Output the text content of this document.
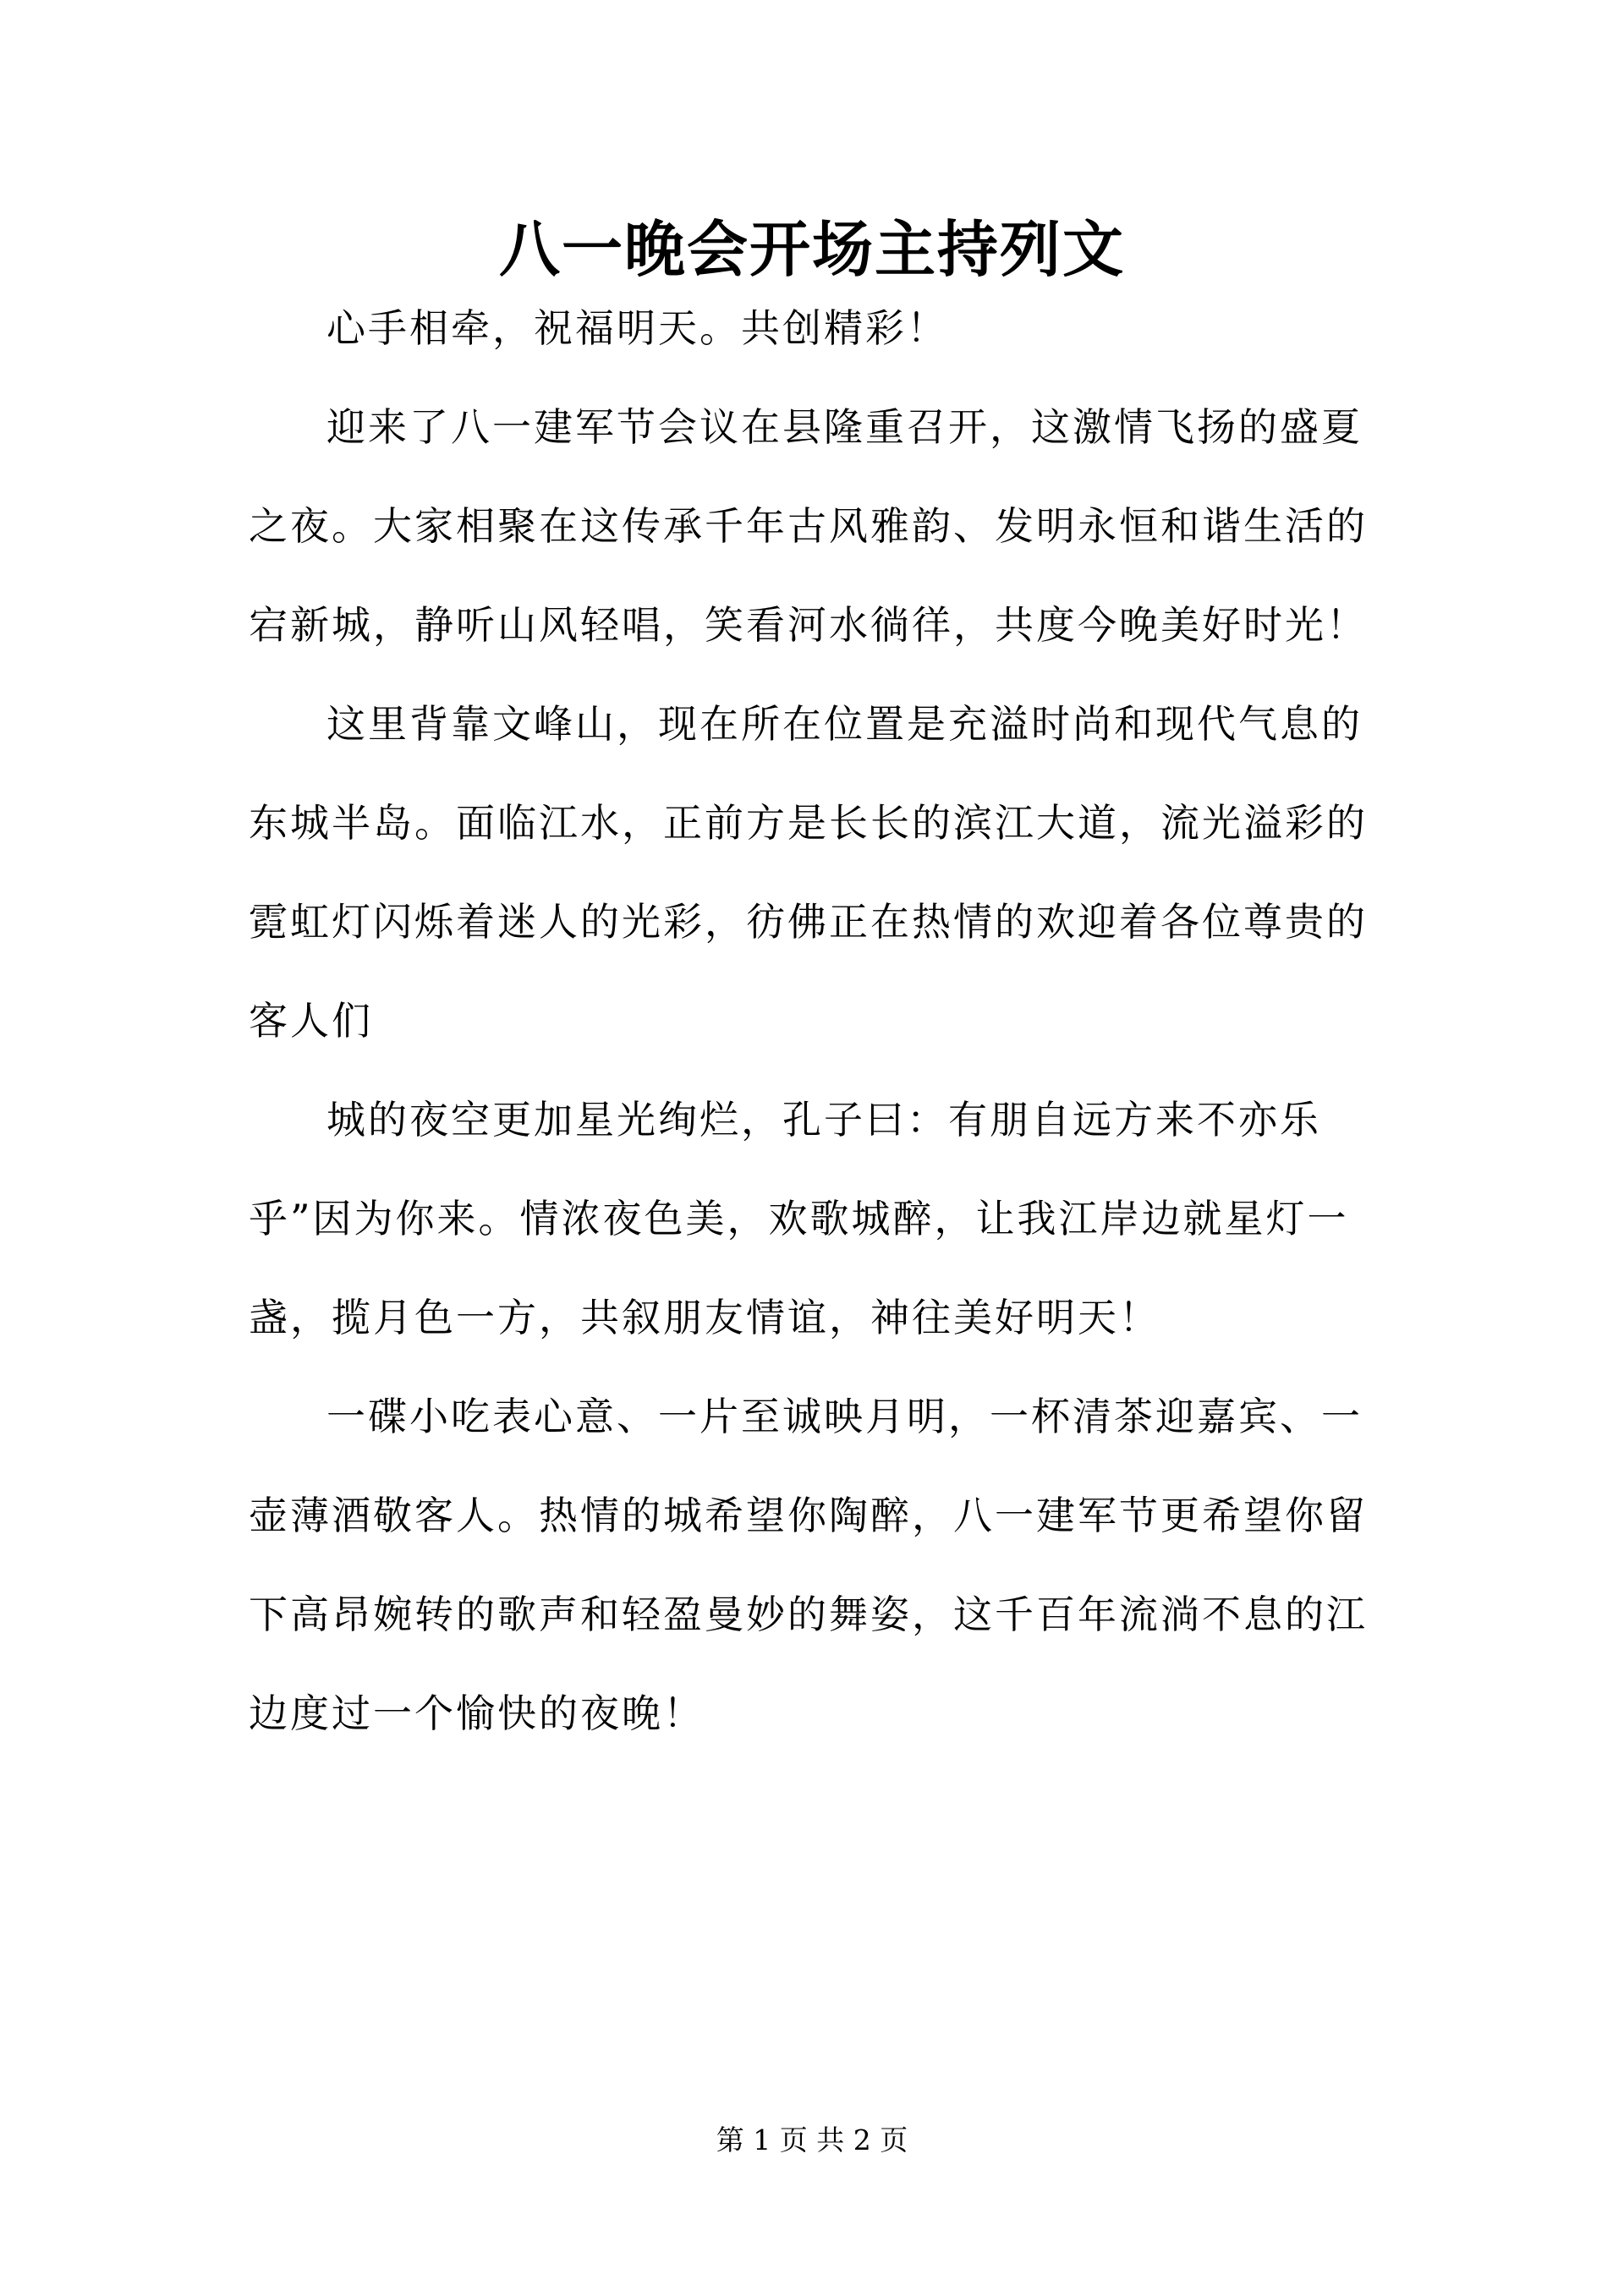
八一晚会开场主持列文

心手相牵，祝福明天。共创精彩！

迎来了八一建军节会议在县隆重召开，这激情飞扬的盛夏之夜。大家相聚在这传承千年古风雅韵、发明永恒和谐生活的宕新城，静听山风轻唱，笑看河水徜徉，共度今晚美好时光！

这里背靠文峰山，现在所在位置是充溢时尚和现代气息的东城半岛。面临江水，正前方是长长的滨江大道，流光溢彩的霓虹灯闪烁着迷人的光彩，彷佛正在热情的欢迎着各位尊贵的客人们

城的夜空更加星光绚烂，孔子曰：有朋自远方来不亦乐乎”因为你来。情浓夜色美，欢歌城醉，让我江岸边就星灯一盏，揽月色一方，共叙朋友情谊，神往美好明天！

一碟小吃表心意、一片至诚映月明，一杯清茶迎嘉宾、一壶薄酒敬客人。热情的城希望你陶醉，八一建军节更希望你留下高昂婉转的歌声和轻盈曼妙的舞姿，这千百年流淌不息的江边度过一个愉快的夜晚！

第 1 页 共 2 页
